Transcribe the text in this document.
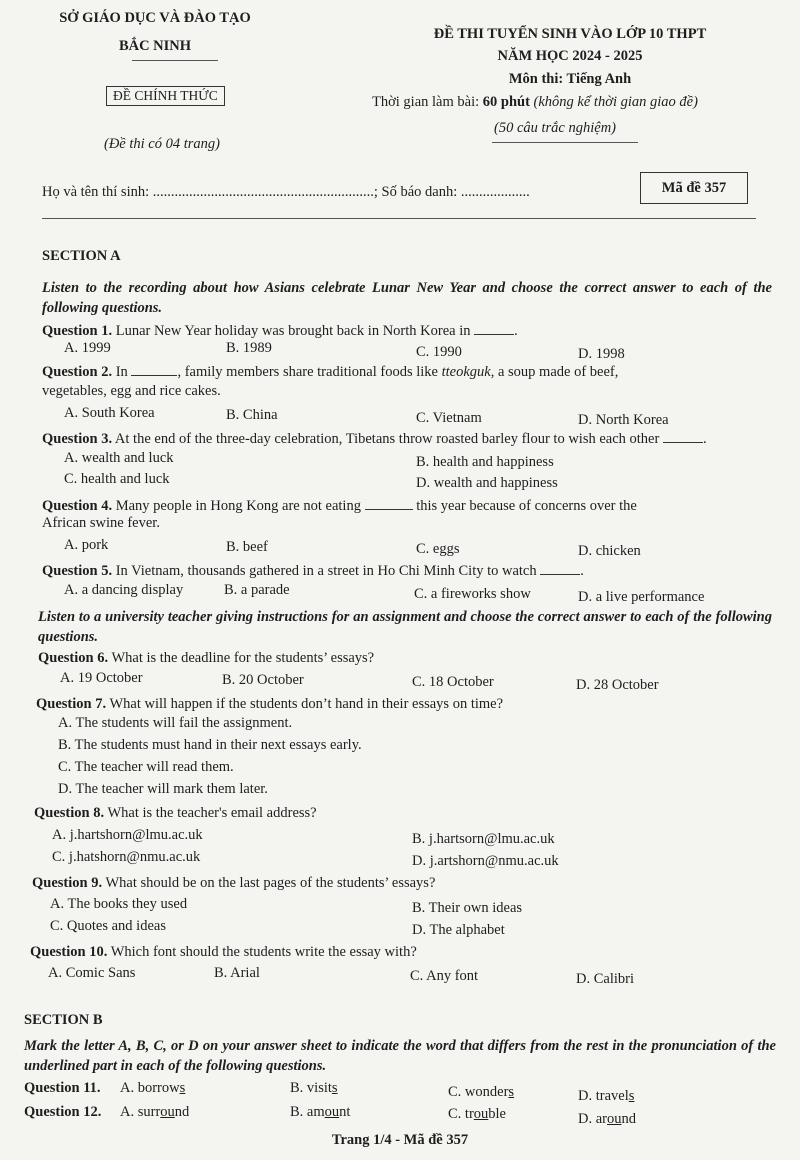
SỞ GIÁO DỤC VÀ ĐÀO TẠO
BẮC NINH
ĐỀ CHÍNH THỨC
(Đề thi có 04 trang)
ĐỀ THI TUYỂN SINH VÀO LỚP 10 THPT
NĂM HỌC 2024 - 2025
Môn thi: Tiếng Anh
Thời gian làm bài: 60 phút (không kể thời gian giao đề)
(50 câu trắc nghiệm)
Họ và tên thí sinh: .............................................................; Số báo danh: ...................	Mã đề 357
SECTION A
Listen to the recording about how Asians celebrate Lunar New Year and choose the correct answer to each of the following questions.
Question 1. Lunar New Year holiday was brought back in North Korea in	.
A. 1999	B. 1989	C. 1990	D. 1998
Question 2. In	, family members share traditional foods like tteokguk, a soup made of beef,
vegetables, egg and rice cakes.
A. South Korea	B. China	C. Vietnam	D. North Korea
Question 3. At the end of the three-day celebration, Tibetans throw roasted barley flour to wish each other	.
A. wealth and luck	B. health and happiness
C. health and luck	D. wealth and happiness
Question 4. Many people in Hong Kong are not eating	this year because of concerns over the
African swine fever.
A. pork	B. beef	C. eggs	D. chicken
Question 5. In Vietnam, thousands gathered in a street in Ho Chi Minh City to watch	.
A. a dancing display	B. a parade	C. a fireworks show	D. a live performance
Listen to a university teacher giving instructions for an assignment and choose the correct answer to each of the following questions.
Question 6. What is the deadline for the students’ essays?
A. 19 October	B. 20 October	C. 18 October	D. 28 October
Question 7. What will happen if the students don’t hand in their essays on time?
A. The students will fail the assignment.
B. The students must hand in their next essays early.
C. The teacher will read them.
D. The teacher will mark them later.
Question 8. What is the teacher's email address?
A. j.hartshorn@lmu.ac.uk	B. j.hartsorn@lmu.ac.uk
C. j.hatshorn@nmu.ac.uk	D. j.artshorn@nmu.ac.uk
Question 9. What should be on the last pages of the students’ essays?
A. The books they used	B. Their own ideas
C. Quotes and ideas	D. The alphabet
Question 10. Which font should the students write the essay with?
A. Comic Sans	B. Arial	C. Any font	D. Calibri
SECTION B
Mark the letter A, B, C, or D on your answer sheet to indicate the word that differs from the rest in the pronunciation of the underlined part in each of the following questions.
Question 11. A. borrows	B. visits	C. wonders	D. travels
Question 12. A. surround	B. amount	C. trouble	D. around
Trang 1/4 - Mã đề 357
